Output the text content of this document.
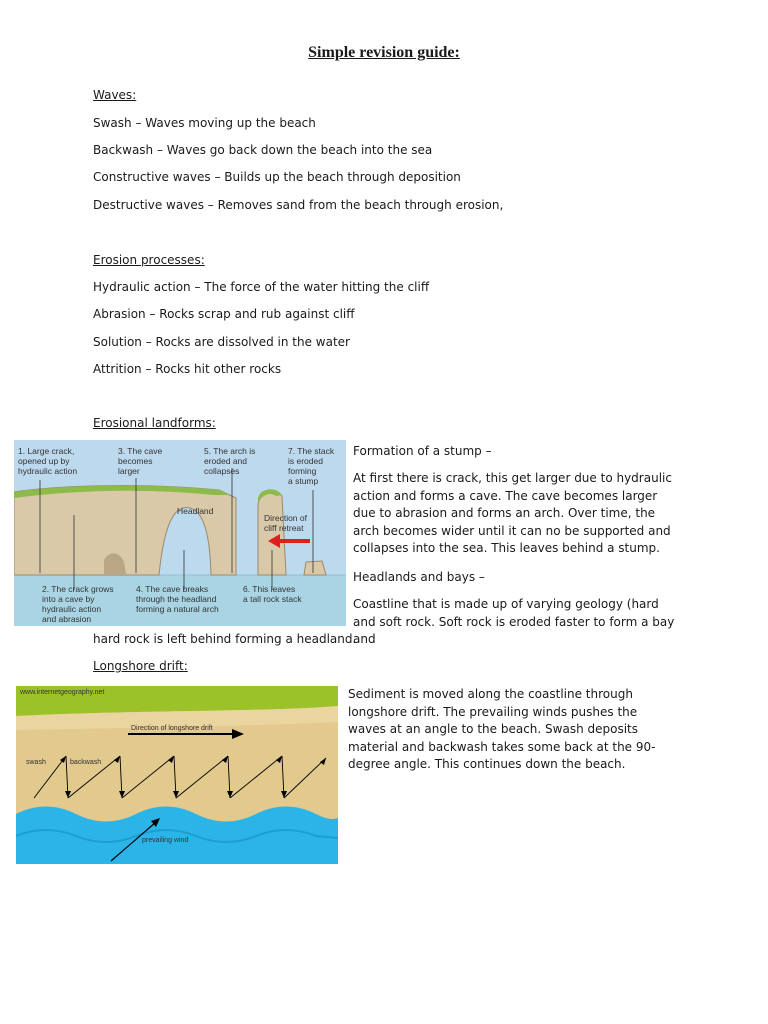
Simple revision guide:
Waves:
Swash – Waves moving up the beach
Backwash – Waves go back down the beach into the sea
Constructive waves – Builds up the beach through deposition
Destructive waves – Removes sand from the beach through erosion,
Erosion processes:
Hydraulic action – The force of the water hitting the cliff
Abrasion – Rocks scrap and rub against cliff
Solution – Rocks are dissolved in the water
Attrition – Rocks hit other rocks
Erosional landforms:
1. Large crack, opened up by hydraulic action
3. The cave becomes larger
5. The arch is eroded and collapses
7. The stack is eroded forming a stump
Headland
Direction of cliff retreat
2. The crack grows into a cave by hydraulic action and abrasion
4. The cave breaks through the headland forming a natural arch
6. This leaves a tall rock stack
Formation of a stump –
At first there is crack, this get larger due to hydraulic action and forms a cave. The cave becomes larger due to abrasion and forms an arch. Over time, the arch becomes wider until it can no be supported and collapses into the sea. This leaves behind a stump.
Headlands and bays –
Coastline that is made up of varying geology (hard and soft rock. Soft rock is eroded faster to form a bay and
hard rock is left behind forming a headland.
Longshore drift:
www.internetgeography.net
Direction of longshore drift
swash	backwash
prevailing wind
Sediment is moved along the coastline through longshore drift. The prevailing winds pushes the waves at an angle to the beach. Swash deposits material and backwash takes some back at the 90-degree angle. This continues down the beach.
